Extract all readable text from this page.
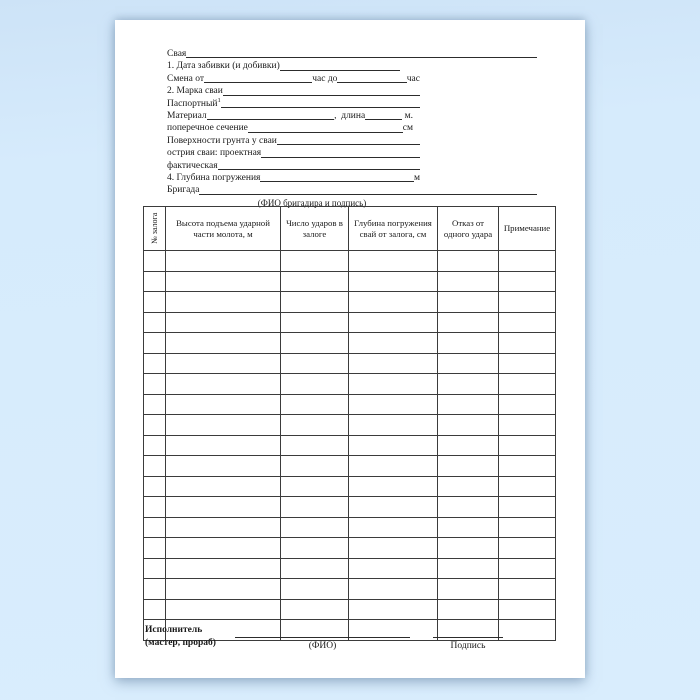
Свая
1. Дата забивки (и добивки)
Смена от	час до	час
2. Марка сваи
Паспортный$^1$
Материал	,  длина	м.
поперечное сечение	см
Поверхности грунта у сваи
острия сваи: проектная
фактическая
4. Глубина погружения	м
Бригада
(ФИО бригадира и подпись)
№ залога	Высота подъема ударной части молота, м	Число ударов в залоге	Глубина погружения свай от залога, см	Отказ от одного удара	Примечание

Исполнитель
(мастер, прораб)	(ФИО)	Подпись
